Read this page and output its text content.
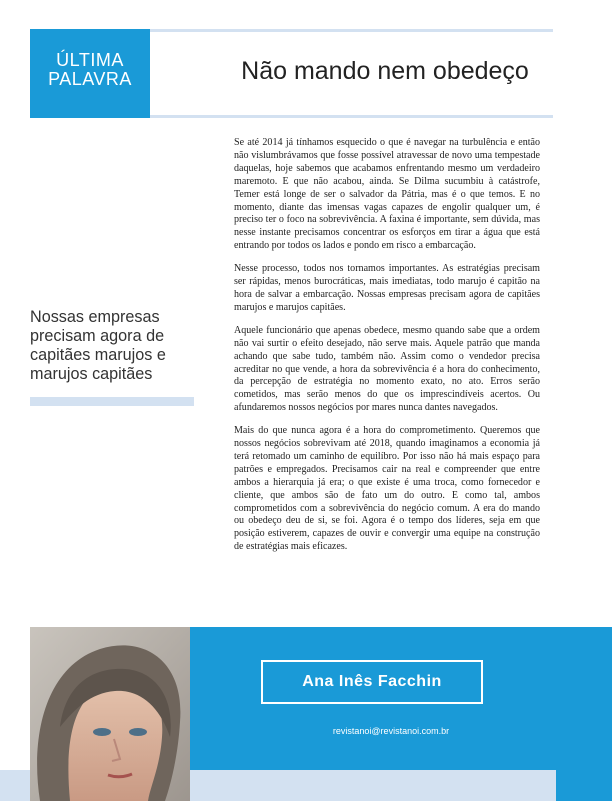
ÚLTIMA
PALAVRA	Não mando nem obedeço
Nossas empresas precisam agora de capitães marujos e marujos capitães

Se até 2014 já tínhamos esquecido o que é navegar na turbulência e então não vislumbrávamos que fosse possível atravessar de novo uma tempestade daquelas, hoje sabemos que acabamos enfrentando mesmo um verdadeiro maremoto. E que não acabou, ainda. Se Dilma sucumbiu à catástrofe, Temer está longe de ser o salvador da Pátria, mas é o que temos. E no momento, diante das imensas vagas capazes de engolir qualquer um, é preciso ter o foco na sobrevivência. A faxina é importante, sem dúvida, mas nesse instante precisamos concentrar os esforços em tirar a água que está entrando por todos os lados e pondo em risco a embarcação.

Nesse processo, todos nos tornamos importantes. As estratégias precisam ser rápidas, menos burocráticas, mais imediatas, todo marujo é capitão na hora de salvar a embarcação. Nossas empresas precisam agora de capitães marujos e marujos capitães.

Aquele funcionário que apenas obedece, mesmo quando sabe que a ordem não vai surtir o efeito desejado, não serve mais. Aquele patrão que manda achando que sabe tudo, também não. Assim como o vendedor precisa acreditar no que vende, a hora da sobrevivência é a hora do conhecimento, da percepção de estratégia no momento exato, no ato. Erros serão cometidos, mas serão menos do que os imprescindíveis acertos. Ou afundaremos nossos negócios por mares nunca dantes navegados.

Mais do que nunca agora é a hora do comprometimento. Queremos que nossos negócios sobrevivam até 2018, quando imaginamos a economia já terá retomado um caminho de equilíbro. Por isso não há mais espaço para patrões e empregados. Precisamos cair na real e compreender que entre ambos a hierarquia já era; o que existe é uma troca, como fornecedor e cliente, que ambos são de fato um do outro. E como tal, ambos comprometidos com a sobrevivência do negócio comum. A era do mando ou obedeço deu de si, se foi. Agora é o tempo dos líderes, seja em que posição estiverem, capazes de ouvir e convergir uma equipe na construção de estratégias mais eficazes.

Ana Inês Facchin
revistanoi@revistanoi.com.br
